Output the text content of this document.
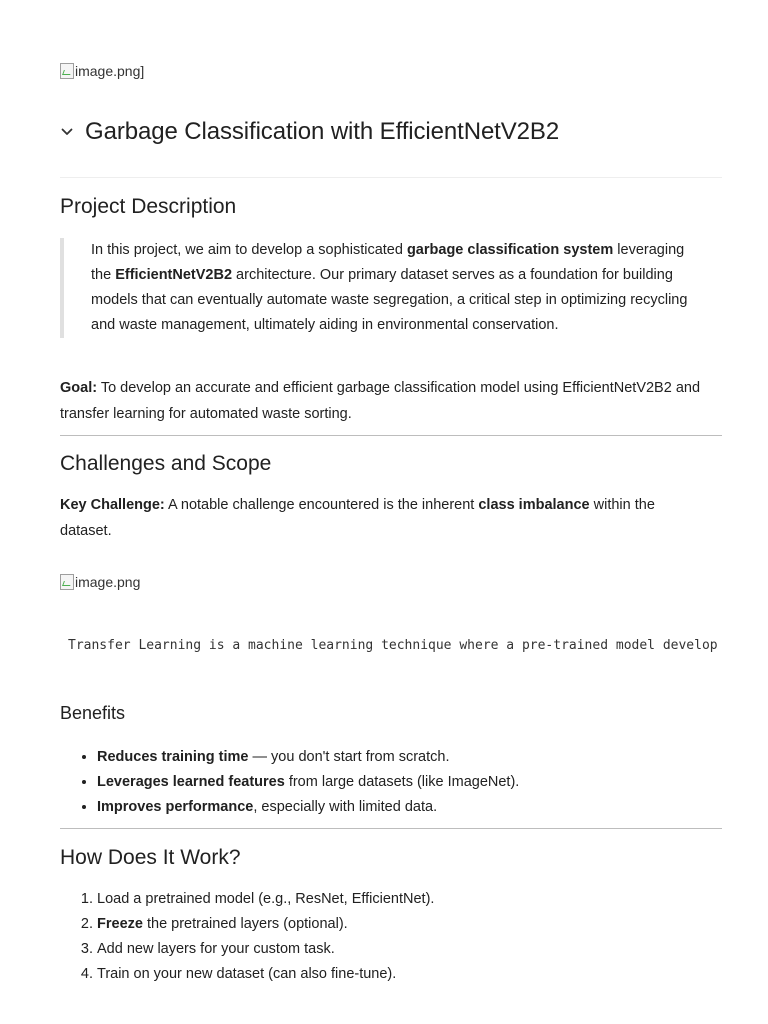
image.png]
Garbage Classification with EfficientNetV2B2
Project Description
In this project, we aim to develop a sophisticated garbage classification system leveraging the EfficientNetV2B2 architecture. Our primary dataset serves as a foundation for building models that can eventually automate waste segregation, a critical step in optimizing recycling and waste management, ultimately aiding in environmental conservation.
Goal: To develop an accurate and efficient garbage classification model using EfficientNetV2B2 and transfer learning for automated waste sorting.
Challenges and Scope
Key Challenge: A notable challenge encountered is the inherent class imbalance within the dataset.
image.png
Transfer Learning is a machine learning technique where a pre-trained model develop
Benefits
• Reduces training time — you don't start from scratch.
• Leverages learned features from large datasets (like ImageNet).
• Improves performance, especially with limited data.
How Does It Work?
1. Load a pretrained model (e.g., ResNet, EfficientNet).
2. Freeze the pretrained layers (optional).
3. Add new layers for your custom task.
4. Train on your new dataset (can also fine-tune).
